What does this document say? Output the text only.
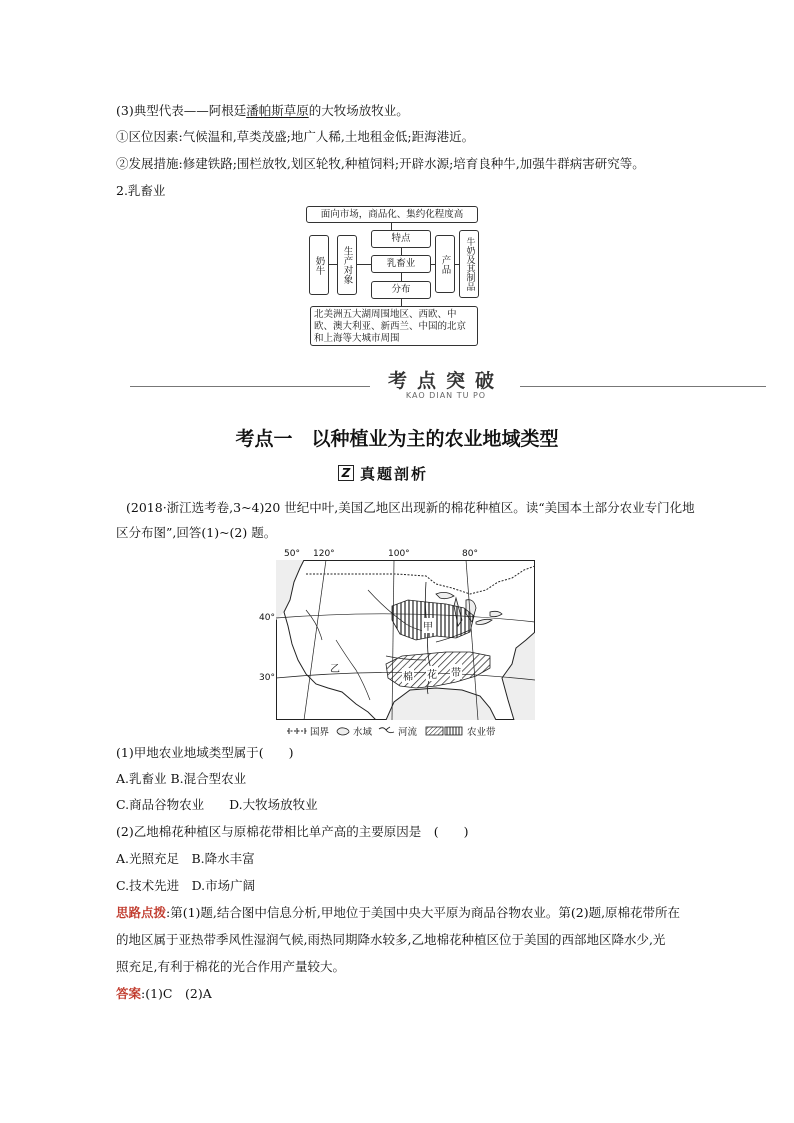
(3)典型代表——阿根廷潘帕斯草原的大牧场放牧业。
①区位因素:气候温和,草类茂盛;地广人稀,土地租金低;距海港近。
②发展措施:修建铁路;围栏放牧,划区轮牧,种植饲料;开辟水源;培育良种牛,加强牛群病害研究等。
2.乳畜业
面向市场，商品化、集约化程度高
特点
乳畜业
分布
奶牛	生产对象	产品	牛奶及其制品
北美洲五大湖周围地区、西欧、中欧、澳大利亚、新西兰、中国的北京和上海等大城市周围
考点突破
KAO DIAN TU PO
考点一　以种植业为主的农业地域类型
Z 真题剖析
(2018·浙江选考卷,3~4)20 世纪中叶,美国乙地区出现新的棉花种植区。读“美国本土部分农业专门化地
区分布图”,回答(1)~(2) 题。
50° 120°	100°	80°
40°
30°
甲
乙
棉 花 带
国界	水域	河流	农业带
(1)甲地农业地域类型属于(　　)
A.乳畜业 B.混合型农业
C.商品谷物农业　　D.大牧场放牧业
(2)乙地棉花种植区与原棉花带相比单产高的主要原因是　(　　)
A.光照充足　B.降水丰富
C.技术先进　D.市场广阔
思路点拨:第(1)题,结合图中信息分析,甲地位于美国中央大平原为商品谷物农业。第(2)题,原棉花带所在
的地区属于亚热带季风性湿润气候,雨热同期降水较多,乙地棉花种植区位于美国的西部地区降水少,光
照充足,有利于棉花的光合作用产量较大。
答案:(1)C　(2)A
